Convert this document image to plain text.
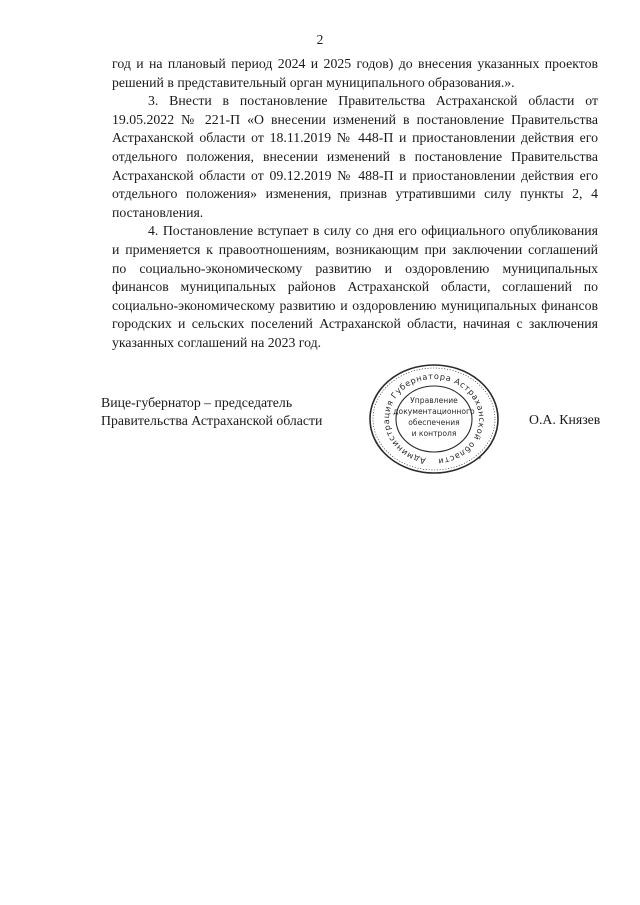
2

год и на плановый период 2024 и 2025 годов) до внесения указанных проектов решений в представительный орган муниципального образования.».

3. Внести в постановление Правительства Астраханской области от 19.05.2022 № 221-П «О внесении изменений в постановление Правительства Астраханской области от 18.11.2019 № 448-П и приостановлении действия его отдельного положения, внесении изменений в постановление Правительства Астраханской области от 09.12.2019 № 488-П и приостановлении действия его отдельного положения» изменения, признав утратившими силу пункты 2, 4 постановления.

4. Постановление вступает в силу со дня его официального опубликования и применяется к правоотношениям, возникающим при заключении соглашений по социально-экономическому развитию и оздоровлению муниципальных финансов муниципальных районов Астраханской области, соглашений по социально-экономическому развитию и оздоровлению муниципальных финансов городских и сельских поселений Астраханской области, начиная с заключения указанных соглашений на 2023 год.

Вице-губернатор – председатель
Правительства Астраханской области
Администрация Губернатора Астраханской области	*
Управление
документационного
обеспечения
и контроля
О.А. Князев
